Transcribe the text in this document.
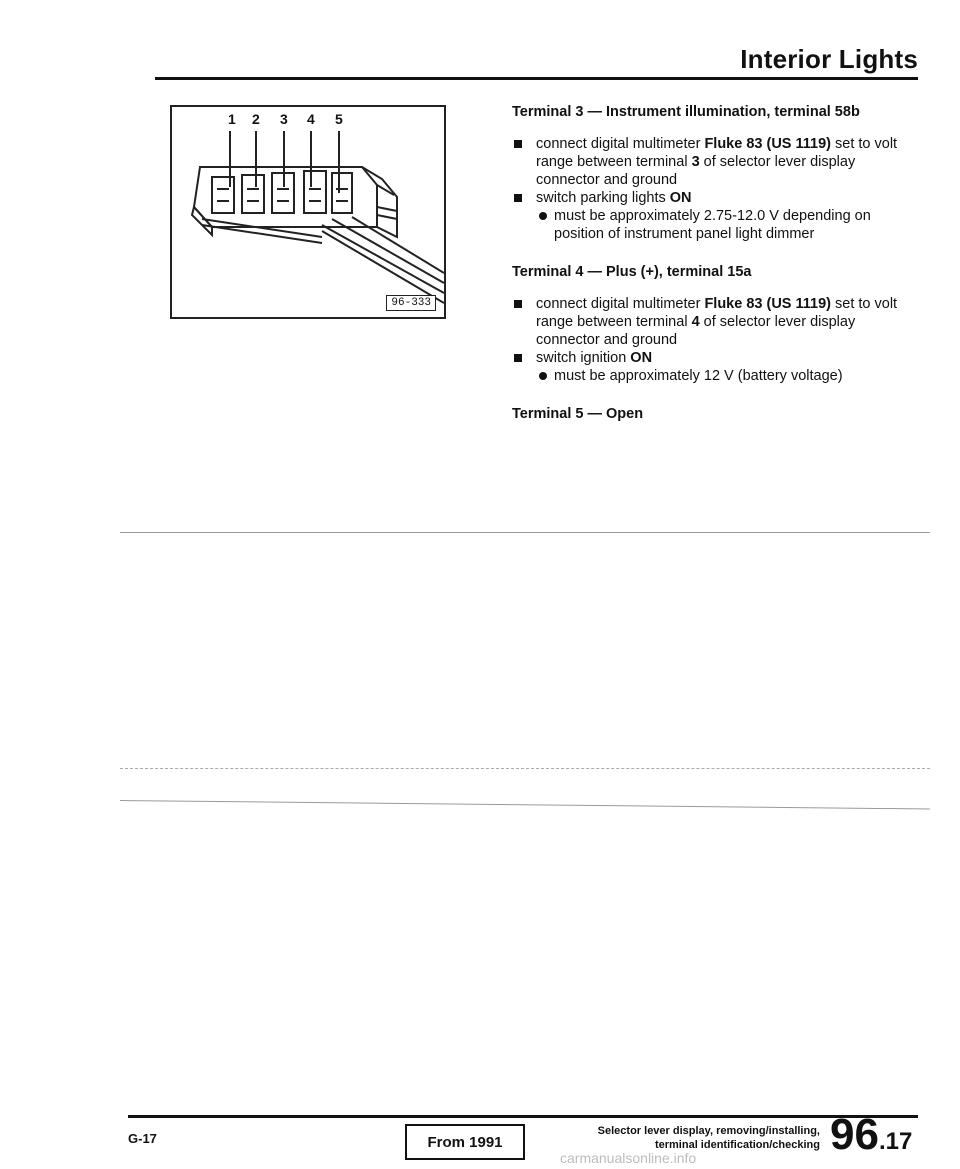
Interior Lights
1 2 3 4 5
96-333

Terminal 3 — Instrument illumination, terminal 58b

connect digital multimeter Fluke 83 (US 1119) set to volt range between terminal 3 of selector lever display connector and ground

switch parking lights ON

must be approximately 2.75-12.0 V depending on position of instrument panel light dimmer

Terminal 4 — Plus (+), terminal 15a

connect digital multimeter Fluke 83 (US 1119) set to volt range between terminal 4 of selector lever display connector and ground

switch ignition ON

must be approximately 12 V (battery voltage)

Terminal 5 — Open

G-17	From 1991
Selector lever display, removing/installing,
terminal identification/checking 96.17
carmanualsonline.info
